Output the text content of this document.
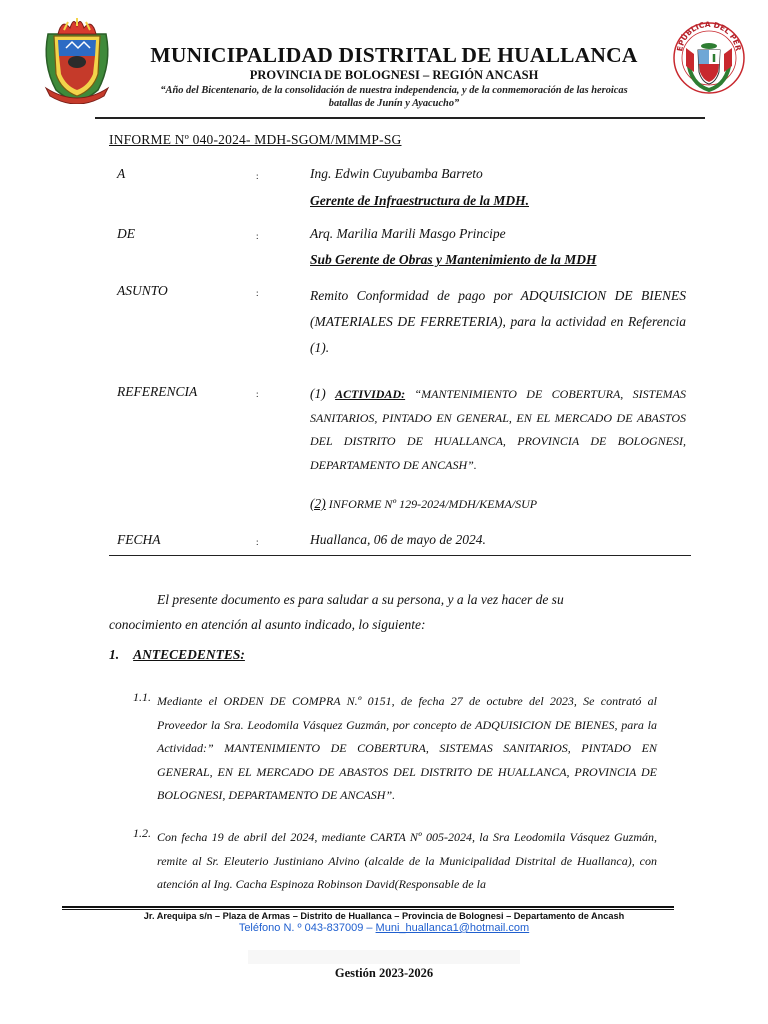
MUNICIPALIDAD DISTRITAL DE HUALLANCA
PROVINCIA DE BOLOGNESI – REGIÓN ANCASH
“Año del Bicentenario, de la consolidación de nuestra independencia, y de la conmemoración de las heroicas
batallas de Junín y Ayacucho”
EPÚBLICA DEL PER
INFORME Nº 040-2024- MDH-SGOM/MMMP-SG
A	:	Ing. Edwin Cuyubamba Barreto
Gerente de Infraestructura de la MDH.
DE	:	Arq. Marilia Marili Masgo Principe
Sub Gerente de Obras y Mantenimiento de la MDH
ASUNTO	:	Remito Conformidad de pago por ADQUISICION DE BIENES (MATERIALES DE FERRETERIA), para la actividad en Referencia (1).
REFERENCIA	:	(1) ACTIVIDAD: “MANTENIMIENTO DE COBERTURA, SISTEMAS SANITARIOS, PINTADO EN GENERAL, EN EL MERCADO DE ABASTOS DEL DISTRITO DE HUALLANCA, PROVINCIA DE BOLOGNESI, DEPARTAMENTO DE ANCASH”.
(2) INFORME Nº 129-2024/MDH/KEMA/SUP
FECHA	:	Huallanca, 06 de mayo de 2024.
El presente documento es para saludar a su persona, y a la vez hacer de su conocimiento en atención al asunto indicado, lo siguiente:
1. ANTECEDENTES:
1.1. Mediante el ORDEN DE COMPRA N.º 0151, de fecha 27 de octubre del 2023, Se contrató al Proveedor la Sra. Leodomila Vásquez Guzmán, por concepto de ADQUISICION DE BIENES, para la Actividad:” MANTENIMIENTO DE COBERTURA, SISTEMAS SANITARIOS, PINTADO EN GENERAL, EN EL MERCADO DE ABASTOS DEL DISTRITO DE HUALLANCA, PROVINCIA DE BOLOGNESI, DEPARTAMENTO DE ANCASH”.
1.2. Con fecha 19 de abril del 2024, mediante CARTA Nº 005-2024, la Sra Leodomila Vásquez Guzmán, remite al Sr. Eleuterio Justiniano Alvino (alcalde de la Municipalidad Distrital de Huallanca), con atención al Ing. Cacha Espinoza Robinson David(Responsable de la
Jr. Arequipa s/n – Plaza de Armas – Distrito de Huallanca – Provincia de Bolognesi – Departamento de Ancash
Teléfono N. º 043-837009 – Muni_huallanca1@hotmail.com
Gestión 2023-2026
